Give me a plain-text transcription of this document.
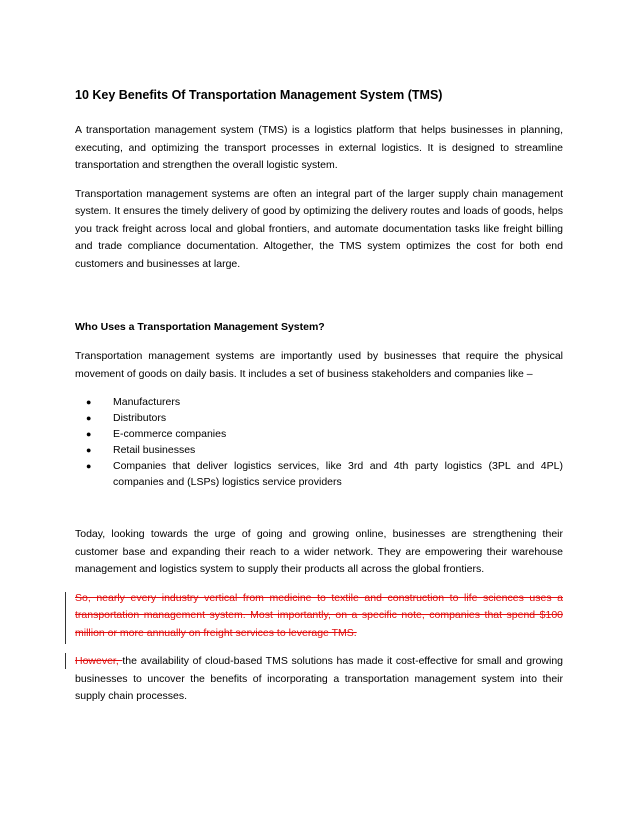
10 Key Benefits Of Transportation Management System (TMS)

A transportation management system (TMS) is a logistics platform that helps businesses in planning, executing, and optimizing the transport processes in external logistics. It is designed to streamline transportation and strengthen the overall logistic system.

Transportation management systems are often an integral part of the larger supply chain management system. It ensures the timely delivery of good by optimizing the delivery routes and loads of goods, helps you track freight across local and global frontiers, and automate documentation tasks like freight billing and trade compliance documentation. Altogether, the TMS system optimizes the cost for both end customers and businesses at large.

Who Uses a Transportation Management System?

Transportation management systems are importantly used by businesses that require the physical movement of goods on daily basis. It includes a set of business stakeholders and companies like –

● Manufacturers
● Distributors
● E-commerce companies
● Retail businesses
● Companies that deliver logistics services, like 3rd and 4th party logistics (3PL and 4PL) companies and (LSPs) logistics service providers

Today, looking towards the urge of going and growing online, businesses are strengthening their customer base and expanding their reach to a wider network. They are empowering their warehouse management and logistics system to supply their products all across the global frontiers.

So, nearly every industry vertical from medicine to textile and construction to life sciences uses a transportation management system. Most importantly, on a specific note, companies that spend $100 million or more annually on freight services to leverage TMS.

However, the availability of cloud-based TMS solutions has made it cost-effective for small and growing businesses to uncover the benefits of incorporating a transportation management system into their supply chain processes.
